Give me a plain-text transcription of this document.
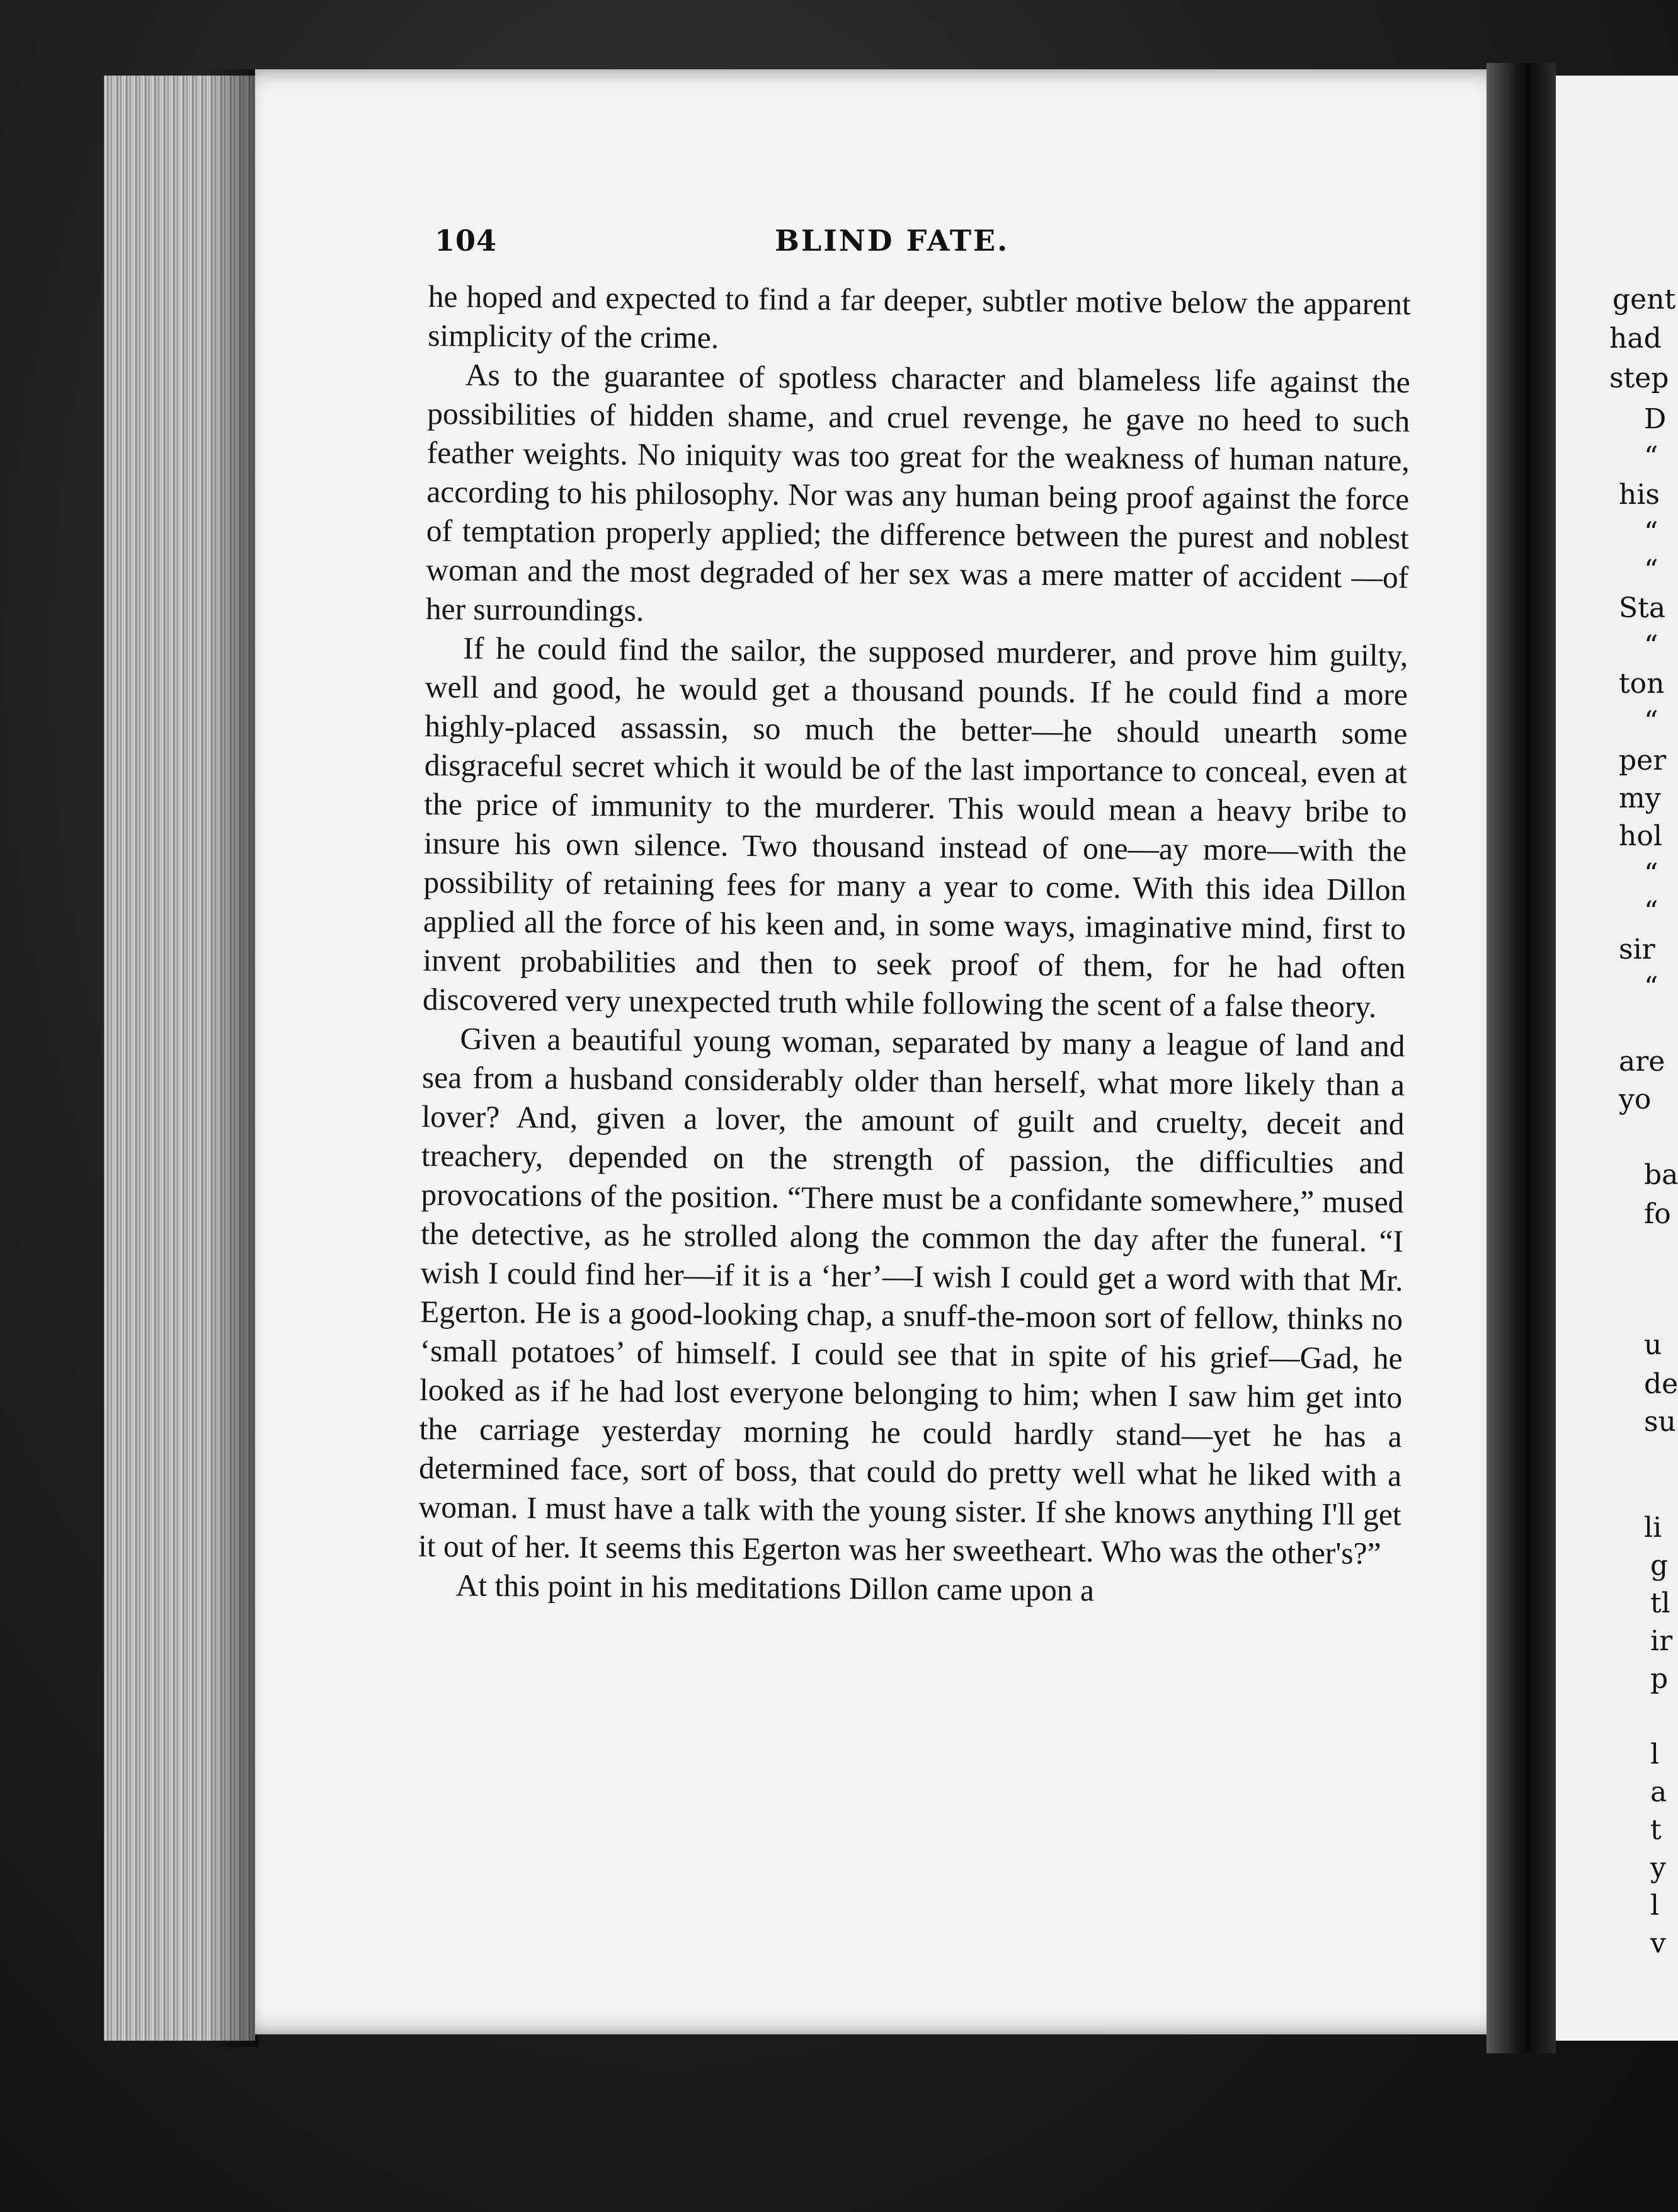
gent
had
step
D
“
his
“
“
Sta
“
ton
“
per
my
hol
“
“
sir
“
are
yo
ba
fo
u
de
su
li
g
tl
ir
p
l
a
t
y
l
v
104	BLIND FATE.

he hoped and expected to find a far deeper, subtler motive below the apparent simplicity of the crime.

As to the guarantee of spotless character and blameless life against the possibilities of hidden shame, and cruel revenge, he gave no heed to such feather weights. No iniquity was too great for the weakness of human nature, according to his philosophy. Nor was any human being proof against the force of temptation properly applied; the difference between the purest and noblest woman and the most degraded of her sex was a mere matter of accident —of her surroundings.

If he could find the sailor, the supposed murderer, and prove him guilty, well and good, he would get a thousand pounds. If he could find a more highly-placed assassin, so much the better—he should unearth some disgraceful secret which it would be of the last importance to conceal, even at the price of immunity to the murderer. This would mean a heavy bribe to insure his own silence. Two thousand instead of one—ay more—with the possibility of retaining fees for many a year to come. With this idea Dillon applied all the force of his keen and, in some ways, imaginative mind, first to invent probabilities and then to seek proof of them, for he had often discovered very unexpected truth while following the scent of a false theory.

Given a beautiful young woman, separated by many a league of land and sea from a husband considerably older than herself, what more likely than a lover? And, given a lover, the amount of guilt and cruelty, deceit and treachery, depended on the strength of passion, the difficulties and provocations of the position. “There must be a confidante somewhere,” mused the detective, as he strolled along the common the day after the funeral. “I wish I could find her—if it is a ‘her’—I wish I could get a word with that Mr. Egerton. He is a good-looking chap, a snuff-the-moon sort of fellow, thinks no ‘small potatoes’ of himself. I could see that in spite of his grief—Gad, he looked as if he had lost everyone belonging to him; when I saw him get into the carriage yesterday morning he could hardly stand—yet he has a determined face, sort of boss, that could do pretty well what he liked with a woman. I must have a talk with the young sister. If she knows anything I'll get it out of her. It seems this Egerton was her sweetheart. Who was the other's?”

At this point in his meditations Dillon came upon a
